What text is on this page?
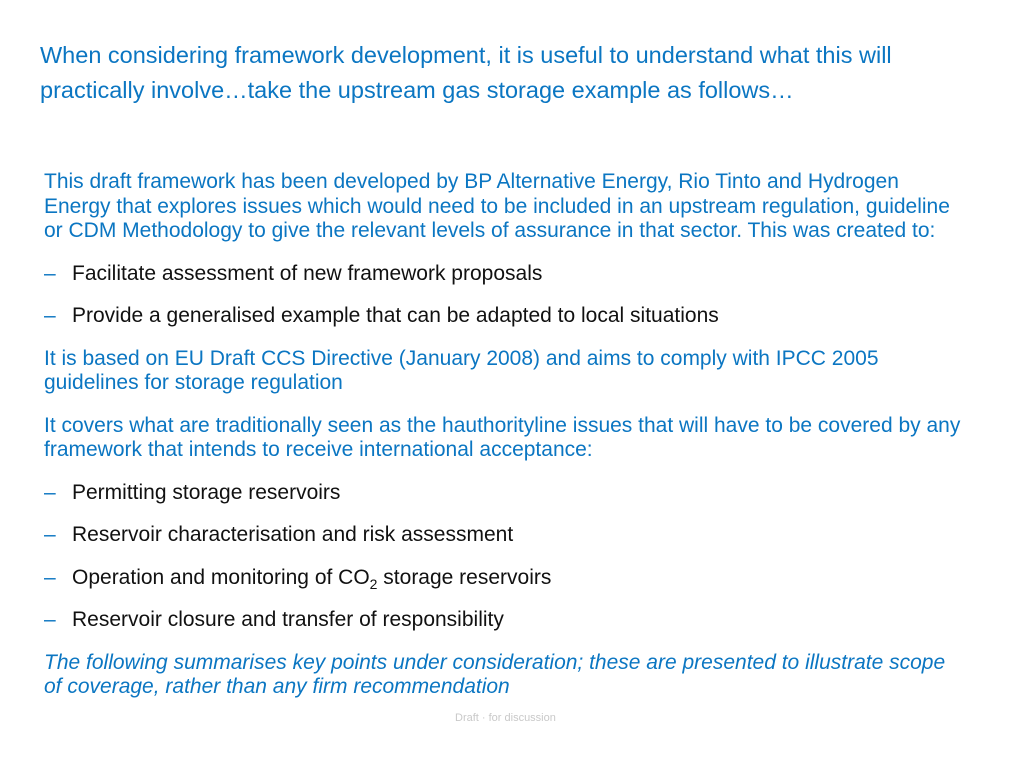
When considering framework development, it is useful to understand what this will practically involve…take the upstream gas storage example as follows…

This draft framework has been developed by BP Alternative Energy, Rio Tinto and Hydrogen Energy that explores issues which would need to be included in an upstream regulation, guideline or CDM Methodology to give the relevant levels of assurance in that sector. This was created to:

– Facilitate assessment of new framework proposals
– Provide a generalised example that can be adapted to local situations

It is based on EU Draft CCS Directive (January 2008) and aims to comply with IPCC 2005 guidelines for storage regulation

It covers what are traditionally seen as the hauthorityline issues that will have to be covered by any framework that intends to receive international acceptance:

– Permitting storage reservoirs
– Reservoir characterisation and risk assessment
– Operation and monitoring of $CO_2$ storage reservoirs
– Reservoir closure and transfer of responsibility

The following summarises key points under consideration; these are presented to illustrate scope of coverage, rather than any firm recommendation

Draft · for discussion
